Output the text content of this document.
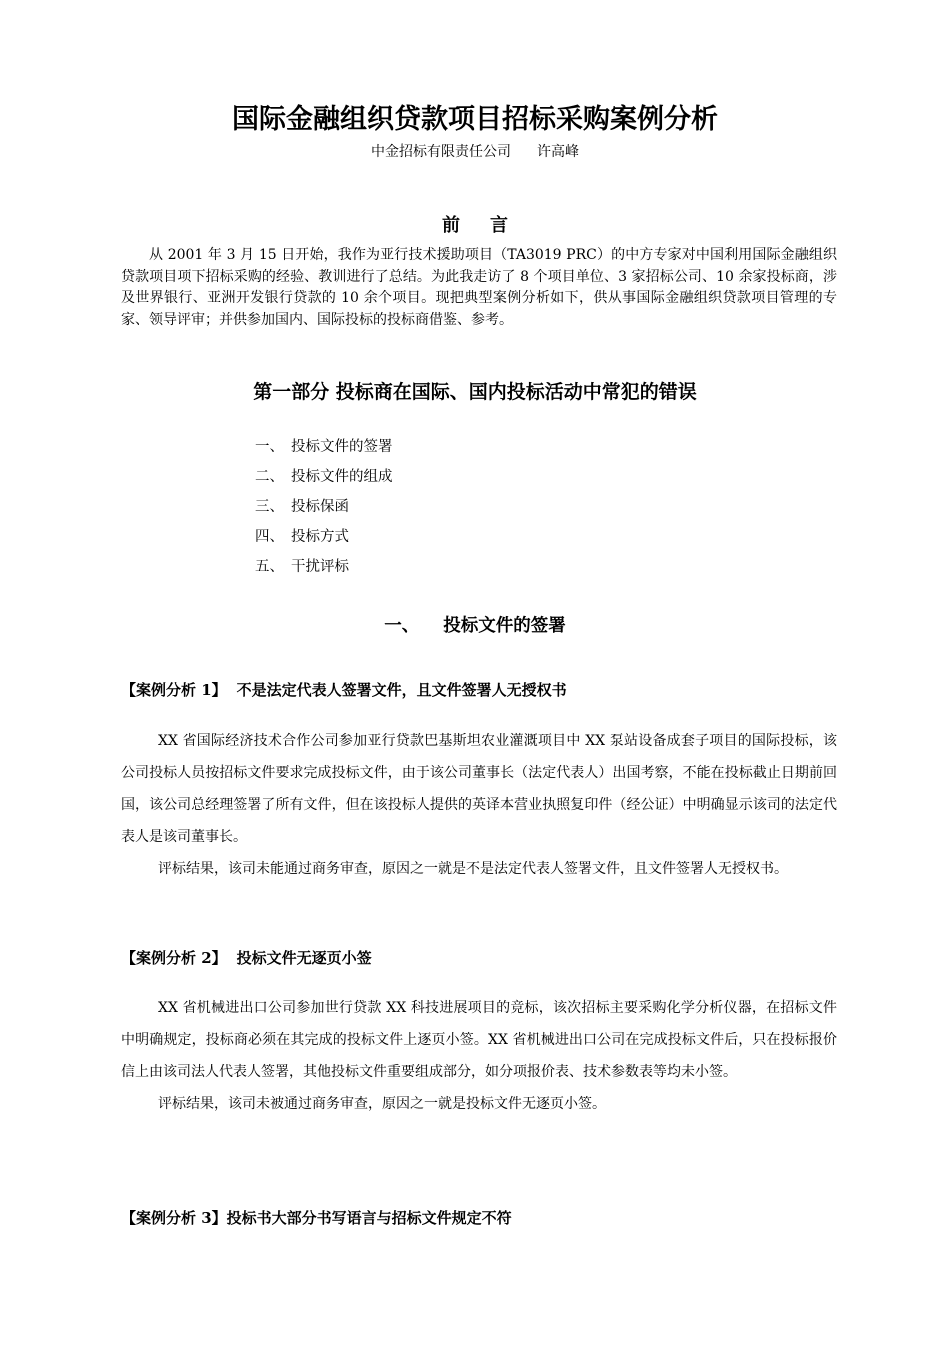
国际金融组织贷款项目招标采购案例分析
中金招标有限责任公司 许高峰
前言

从 2001 年 3 月 15 日开始，我作为亚行技术援助项目（TA3019 PRC）的中方专家对中国利用国际金融组织贷款项目项下招标采购的经验、教训进行了总结。为此我走访了 8 个项目单位、3 家招标公司、10 余家投标商，涉及世界银行、亚洲开发银行贷款的 10 余个项目。现把典型案例分析如下，供从事国际金融组织贷款项目管理的专家、领导评审；并供参加国内、国际投标的投标商借鉴、参考。

第一部分 投标商在国际、国内投标活动中常犯的错误
一、 投标文件的签署
二、 投标文件的组成
三、 投标保函
四、 投标方式
五、 干扰评标
一、 投标文件的签署
【案例分析 1】 不是法定代表人签署文件，且文件签署人无授权书

XX 省国际经济技术合作公司参加亚行贷款巴基斯坦农业灌溉项目中 XX 泵站设备成套子项目的国际投标，该公司投标人员按招标文件要求完成投标文件，由于该公司董事长（法定代表人）出国考察，不能在投标截止日期前回国，该公司总经理签署了所有文件，但在该投标人提供的英译本营业执照复印件（经公证）中明确显示该司的法定代表人是该司董事长。

评标结果，该司未能通过商务审查，原因之一就是不是法定代表人签署文件，且文件签署人无授权书。

【案例分析 2】 投标文件无逐页小签

XX 省机械进出口公司参加世行贷款 XX 科技进展项目的竞标，该次招标主要采购化学分析仪器，在招标文件中明确规定，投标商必须在其完成的投标文件上逐页小签。XX 省机械进出口公司在完成投标文件后，只在投标报价信上由该司法人代表人签署，其他投标文件重要组成部分，如分项报价表、技术参数表等均未小签。

评标结果，该司未被通过商务审查，原因之一就是投标文件无逐页小签。

【案例分析 3】投标书大部分书写语言与招标文件规定不符
